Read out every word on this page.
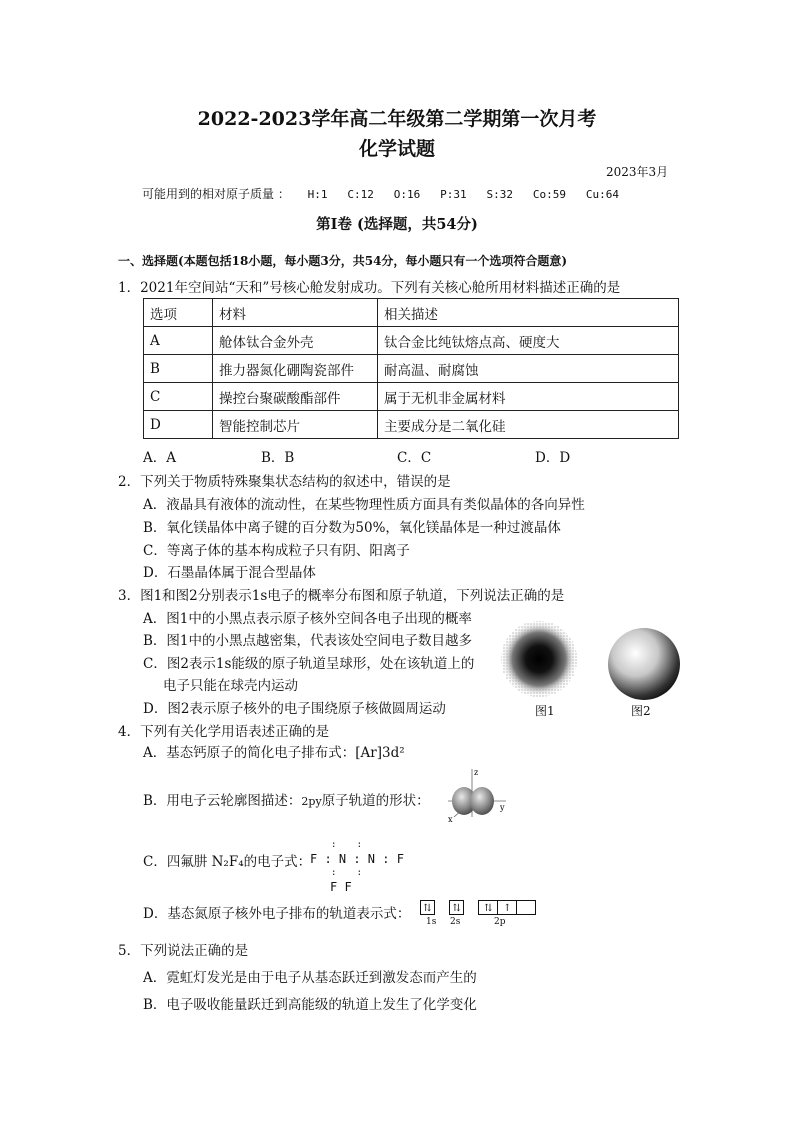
2022-2023学年高二年级第二学期第一次月考
化学试题
2023年3月
可能用到的相对原子质量 ： H:1 C:12 O:16 P:31 S:32 Co:59 Cu:64
第Ⅰ卷 (选择题，共54分)
一、选择题(本题包括18小题，每小题3分，共54分，每小题只有一个选项符合题意)
1．2021年空间站“天和”号核心舱发射成功。下列有关核心舱所用材料描述正确的是
选项	材料	相关描述
A	舱体钛合金外壳	钛合金比纯钛熔点高、硬度大
B	推力器氮化硼陶瓷部件	耐高温、耐腐蚀
C	操控台聚碳酸酯部件	属于无机非金属材料
D	智能控制芯片	主要成分是二氧化硅
A．A	B．B	C．C	D．D
2．下列关于物质特殊聚集状态结构的叙述中，错误的是
A．液晶具有液体的流动性，在某些物理性质方面具有类似晶体的各向异性
B．氧化镁晶体中离子键的百分数为50%，氧化镁晶体是一种过渡晶体
C．等离子体的基本构成粒子只有阴、阳离子
D．石墨晶体属于混合型晶体
3．图1和图2分别表示1s电子的概率分布图和原子轨道，下列说法正确的是
A．图1中的小黑点表示原子核外空间各电子出现的概率
B．图1中的小黑点越密集，代表该处空间电子数目越多
C．图2表示1s能级的原子轨道呈球形，处在该轨道上的
电子只能在球壳内运动
D．图2表示原子核外的电子围绕原子核做圆周运动	图1	图2
4．下列有关化学用语表述正确的是
A．基态钙原子的简化电子排布式：[Ar]3d²
B．用电子云轮廓图描述：2py原子轨道的形状：
z
y
x
C．四氟肼 N₂F₄的电子式：
:   :
F : N : N : F
:   :
F F
D．基态氮原子核外电子排布的轨道表示式：	⇅ ⇅ ⇅ ↑
1s 2s	2p
5．下列说法正确的是
A．霓虹灯发光是由于电子从基态跃迁到激发态而产生的
B．电子吸收能量跃迁到高能级的轨道上发生了化学变化
